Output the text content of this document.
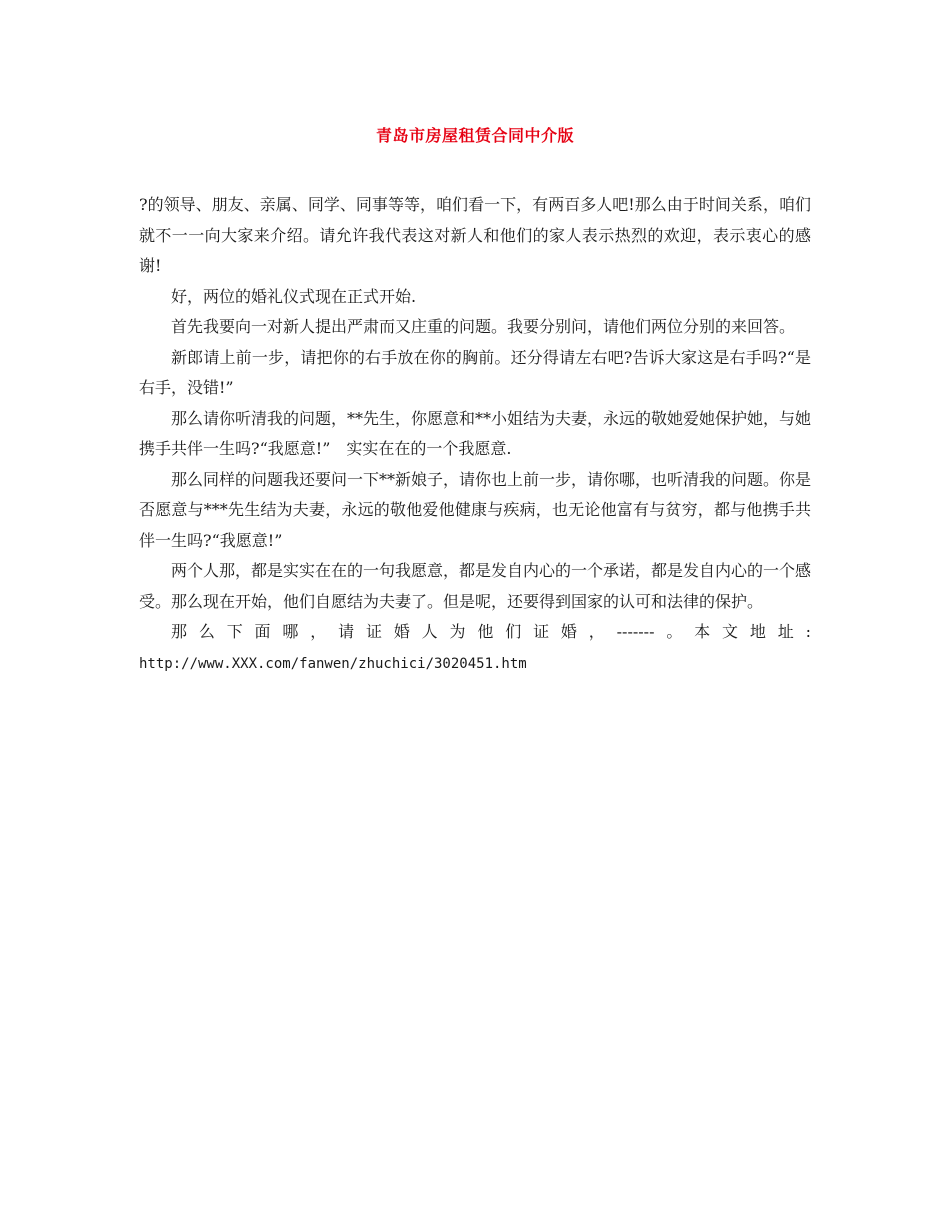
青岛市房屋租赁合同中介版

?的领导、朋友、亲属、同学、同事等等，咱们看一下，有两百多人吧!那么由于时间关系，咱们就不一一向大家来介绍。请允许我代表这对新人和他们的家人表示热烈的欢迎，表示衷心的感谢!

好，两位的婚礼仪式现在正式开始.

首先我要向一对新人提出严肃而又庄重的问题。我要分别问，请他们两位分别的来回答。

新郎请上前一步，请把你的右手放在你的胸前。还分得请左右吧?告诉大家这是右手吗?“是右手，没错!”

那么请你听清我的问题，**先生，你愿意和**小姐结为夫妻，永远的敬她爱她保护她，与她携手共伴一生吗?“我愿意!”　实实在在的一个我愿意.

那么同样的问题我还要问一下**新娘子，请你也上前一步，请你哪，也听清我的问题。你是否愿意与***先生结为夫妻，永远的敬他爱他健康与疾病，也无论他富有与贫穷，都与他携手共伴一生吗?“我愿意!”

两个人那，都是实实在在的一句我愿意，都是发自内心的一个承诺，都是发自内心的一个感受。那么现在开始，他们自愿结为夫妻了。但是呢，还要得到国家的认可和法律的保护。

那么下面哪，请证婚人为他们证婚，-------。本文地址:

http://www.XXX.com/fanwen/zhuchici/3020451.htm
